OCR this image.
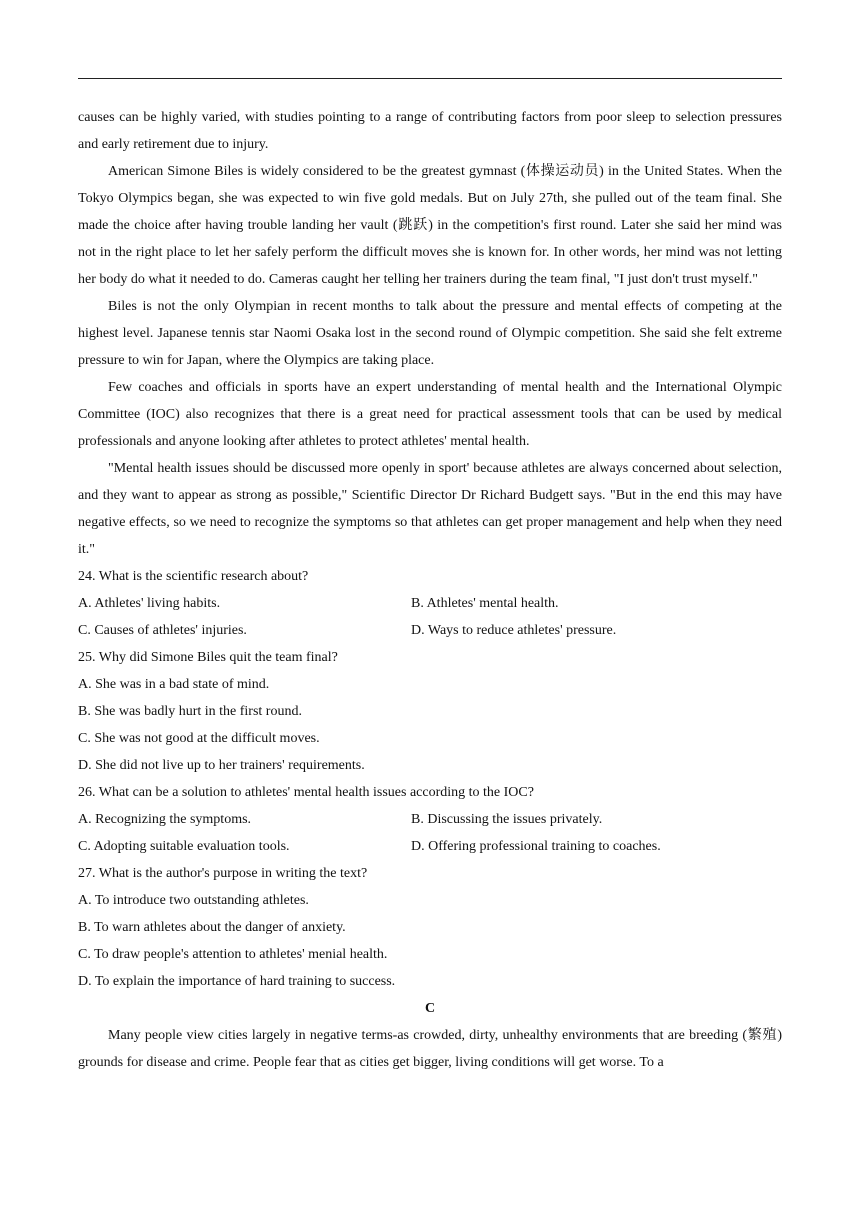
causes can be highly varied, with studies pointing to a range of contributing factors from poor sleep to selection pressures and early retirement due to injury.

American Simone Biles is widely considered to be the greatest gymnast (体操运动员) in the United States. When the Tokyo Olympics began, she was expected to win five gold medals. But on July 27th, she pulled out of the team final. She made the choice after having trouble landing her vault (跳跃) in the competition's first round. Later she said her mind was not in the right place to let her safely perform the difficult moves she is known for. In other words, her mind was not letting her body do what it needed to do. Cameras caught her telling her trainers during the team final, "I just don't trust myself."

Biles is not the only Olympian in recent months to talk about the pressure and mental effects of competing at the highest level. Japanese tennis star Naomi Osaka lost in the second round of Olympic competition. She said she felt extreme pressure to win for Japan, where the Olympics are taking place.

Few coaches and officials in sports have an expert understanding of mental health and the International Olympic Committee (IOC) also recognizes that there is a great need for practical assessment tools that can be used by medical professionals and anyone looking after athletes to protect athletes' mental health.

"Mental health issues should be discussed more openly in sport' because athletes are always concerned about selection, and they want to appear as strong as possible," Scientific Director Dr Richard Budgett says. "But in the end this may have negative effects, so we need to recognize the symptoms so that athletes can get proper management and help when they need it."

24. What is the scientific research about?

A. Athletes' living habits.	B. Athletes' mental health.
C. Causes of athletes' injuries.	D. Ways to reduce athletes' pressure.

25. Why did Simone Biles quit the team final?

A. She was in a bad state of mind.

B. She was badly hurt in the first round.

C. She was not good at the difficult moves.

D. She did not live up to her trainers' requirements.

26. What can be a solution to athletes' mental health issues according to the IOC?

A. Recognizing the symptoms.	B. Discussing the issues privately.
C. Adopting suitable evaluation tools.	D. Offering professional training to coaches.

27. What is the author's purpose in writing the text?

A. To introduce two outstanding athletes.

B. To warn athletes about the danger of anxiety.

C. To draw people's attention to athletes' menial health.

D. To explain the importance of hard training to success.

C

Many people view cities largely in negative terms-as crowded, dirty, unhealthy environments that are breeding (繁殖) grounds for disease and crime. People fear that as cities get bigger, living conditions will get worse. To a
